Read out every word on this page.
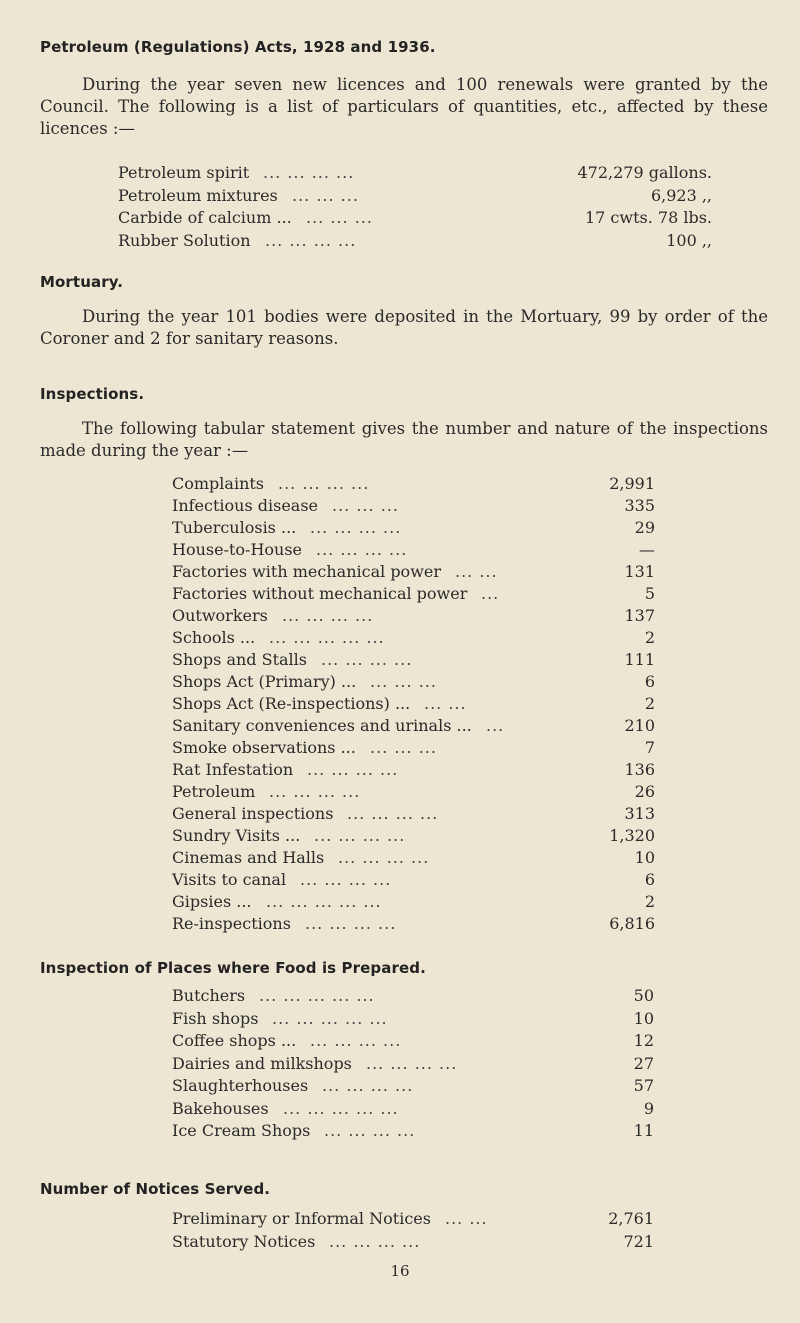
Petroleum (Regulations) Acts, 1928 and 1936.
During the year seven new licences and 100 renewals were granted by the Council. The following is a list of particulars of quantities, etc., affected by these licences :—
Petroleum spirit ... ... ... ...	472,279 gallons.
Petroleum mixtures ... ... ...	6,923 ,,
Carbide of calcium ... ... ... ...	17 cwts. 78 lbs.
Rubber Solution ... ... ... ...	100 ,,
Mortuary.
During the year 101 bodies were deposited in the Mortuary, 99 by order of the Coroner and 2 for sanitary reasons.
Inspections.
The following tabular statement gives the number and nature of the inspections made during the year :—
Complaints ... ... ... ...	2,991
Infectious disease ... ... ...	335
Tuberculosis ... ... ... ... ...	29
House-to-House ... ... ... ...	—
Factories with mechanical power ... ...	131
Factories without mechanical power ...	5
Outworkers ... ... ... ...	137
Schools ... ... ... ... ... ...	2
Shops and Stalls ... ... ... ...	111
Shops Act (Primary) ... ... ... ...	6
Shops Act (Re-inspections) ... ... ...	2
Sanitary conveniences and urinals ... ...	210
Smoke observations ... ... ... ...	7
Rat Infestation ... ... ... ...	136
Petroleum ... ... ... ...	26
General inspections ... ... ... ...	313
Sundry Visits ... ... ... ... ...	1,320
Cinemas and Halls ... ... ... ...	10
Visits to canal ... ... ... ...	6
Gipsies ... ... ... ... ... ...	2
Re-inspections ... ... ... ...	6,816
Inspection of Places where Food is Prepared.
Butchers ... ... ... ... ...	50
Fish shops ... ... ... ... ...	10
Coffee shops ... ... ... ... ...	12
Dairies and milkshops ... ... ... ...	27
Slaughterhouses ... ... ... ...	57
Bakehouses ... ... ... ... ...	9
Ice Cream Shops ... ... ... ...	11
Number of Notices Served.
Preliminary or Informal Notices ... ...	2,761
Statutory Notices ... ... ... ...	721
16
